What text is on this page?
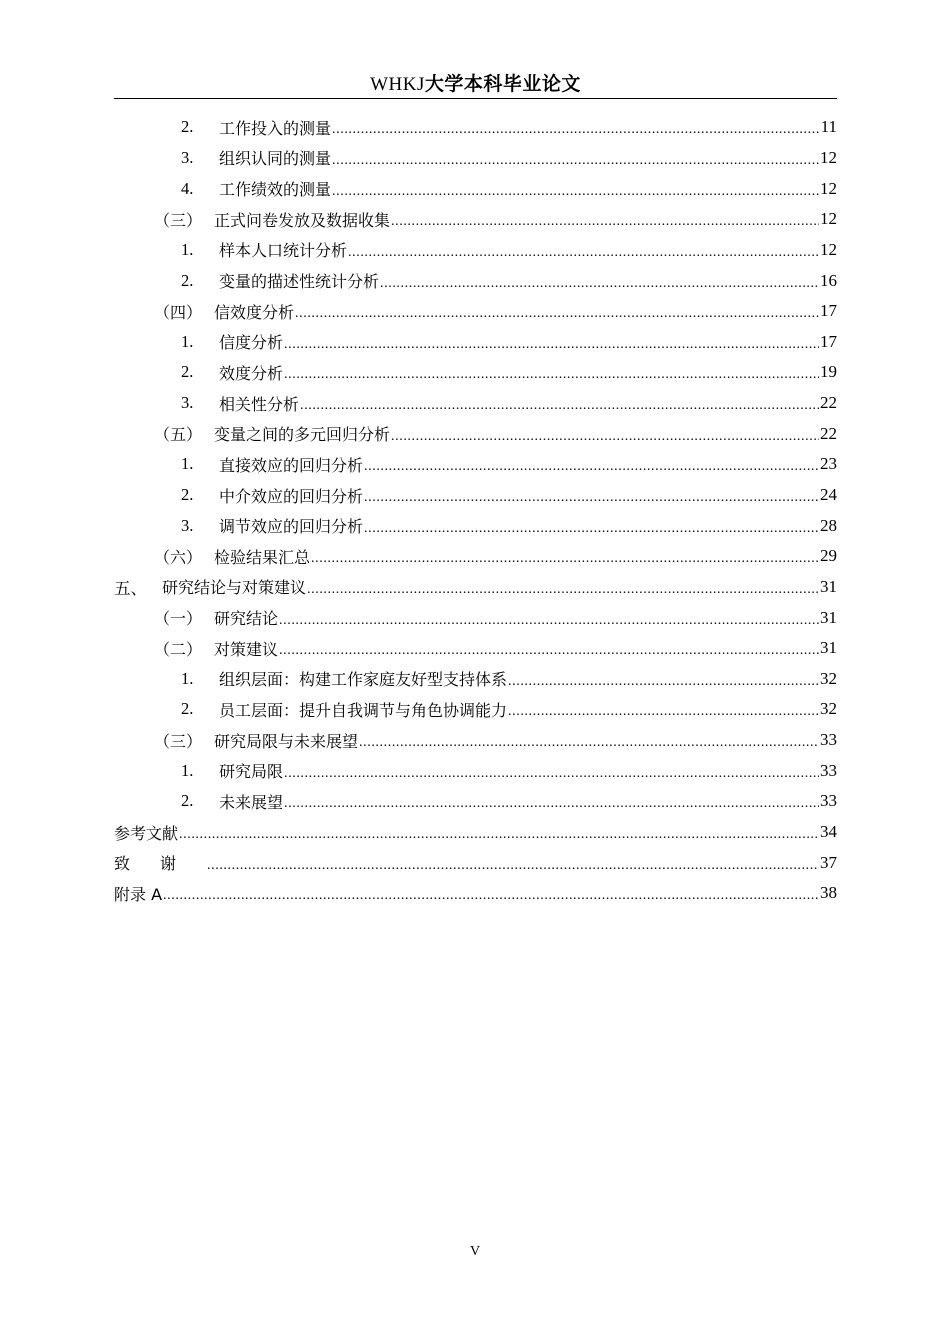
WHKJ大学本科毕业论文
2.	工作投入的测量 .....	11
3.	组织认同的测量 .....	12
4.	工作绩效的测量 .....	12
（三） 正式问卷发放及数据收集 .....	12
1.	样本人口统计分析 .....	12
2.	变量的描述性统计分析 .....	16
（四） 信效度分析 .....	17
1.	信度分析 .....	17
2.	效度分析 .....	19
3.	相关性分析 .....	22
（五） 变量之间的多元回归分析 .....	22
1.	直接效应的回归分析 .....	23
2.	中介效应的回归分析 .....	24
3.	调节效应的回归分析 .....	28
（六） 检验结果汇总 .....	29
五、 研究结论与对策建议 .....	31
（一） 研究结论 .....	31
（二） 对策建议 .....	31
1.	组织层面：构建工作家庭友好型支持体系 .....	32
2.	员工层面：提升自我调节与角色协调能力 .....	32
（三） 研究局限与未来展望 .....	33
1.	研究局限 .....	33
2.	未来展望 .....	33
参考文献 .....	34
致谢 .....	37
附录 A .....	38
V
